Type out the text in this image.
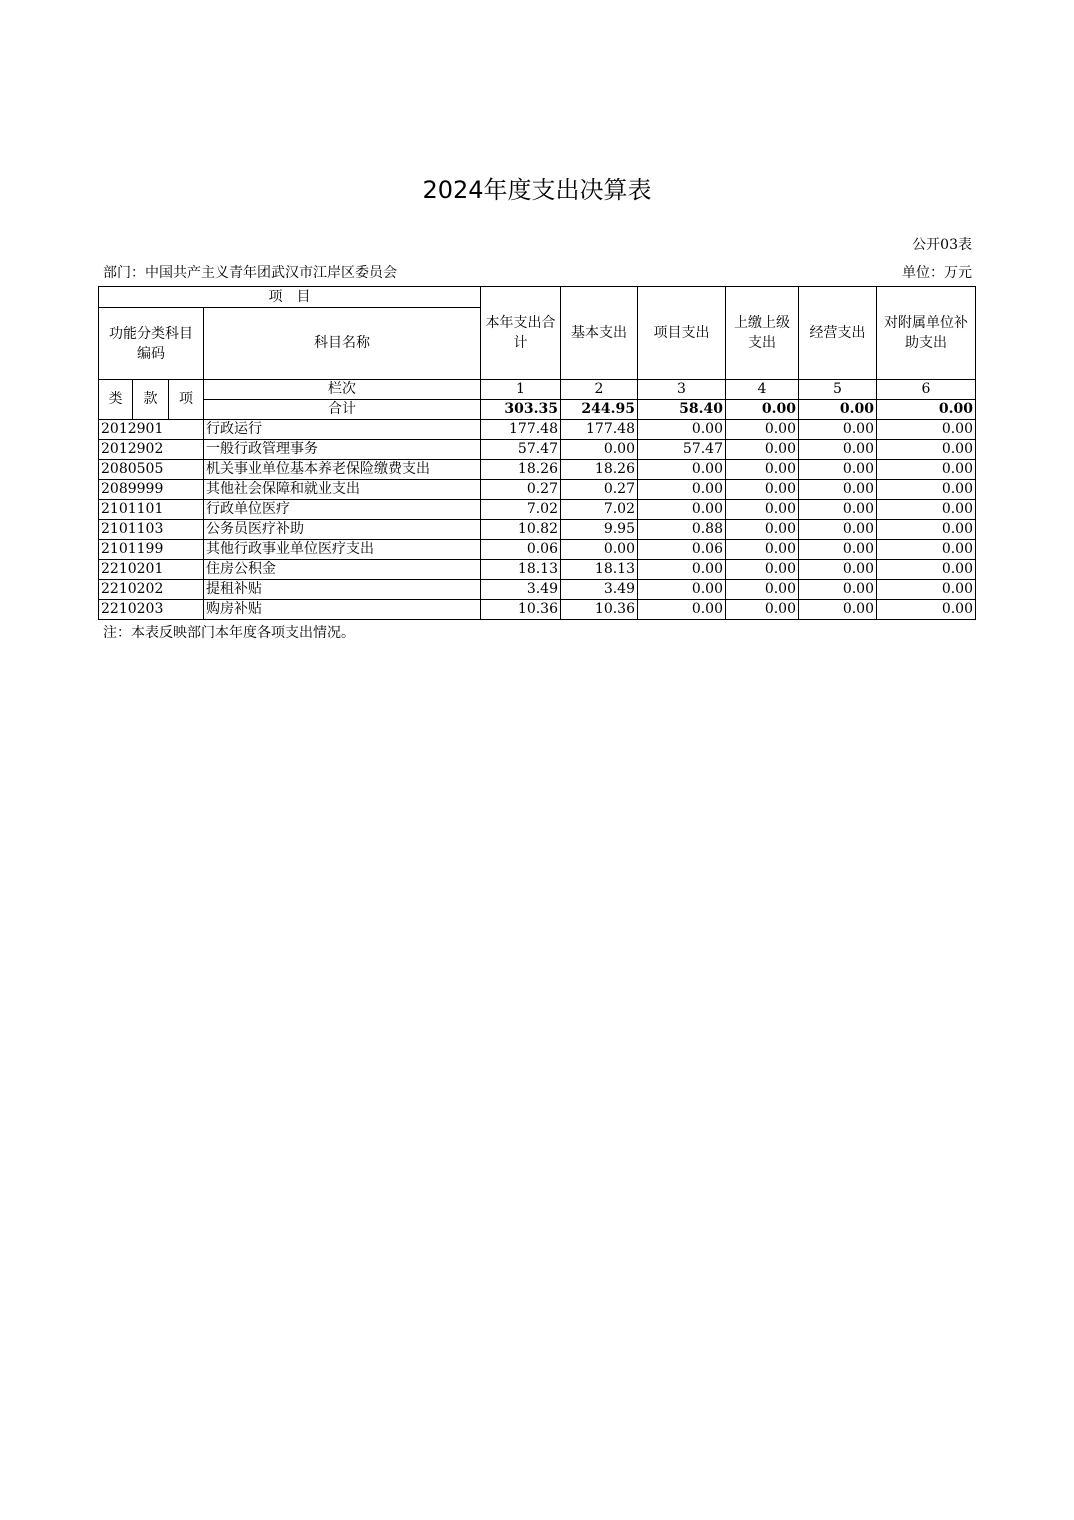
2024年度支出决算表
公开03表
部门：中国共产主义青年团武汉市江岸区委员会	单位：万元
项　目				本年支出合计	基本支出	项目支出	上缴上级支出	经营支出	对附属单位补助支出
功能分类科目编码			科目名称						
类	款	项	栏次	1	2	3	4	5	6
			合计	303.35	244.95	58.40	0.00	0.00	0.00
2012901			行政运行	177.48	177.48	0.00	0.00	0.00	0.00
2012902			一般行政管理事务	57.47	0.00	57.47	0.00	0.00	0.00
2080505			机关事业单位基本养老保险缴费支出	18.26	18.26	0.00	0.00	0.00	0.00
2089999			其他社会保障和就业支出	0.27	0.27	0.00	0.00	0.00	0.00
2101101			行政单位医疗	7.02	7.02	0.00	0.00	0.00	0.00
2101103			公务员医疗补助	10.82	9.95	0.88	0.00	0.00	0.00
2101199			其他行政事业单位医疗支出	0.06	0.00	0.06	0.00	0.00	0.00
2210201			住房公积金	18.13	18.13	0.00	0.00	0.00	0.00
2210202			提租补贴	3.49	3.49	0.00	0.00	0.00	0.00
2210203			购房补贴	10.36	10.36	0.00	0.00	0.00	0.00
注：本表反映部门本年度各项支出情况。
